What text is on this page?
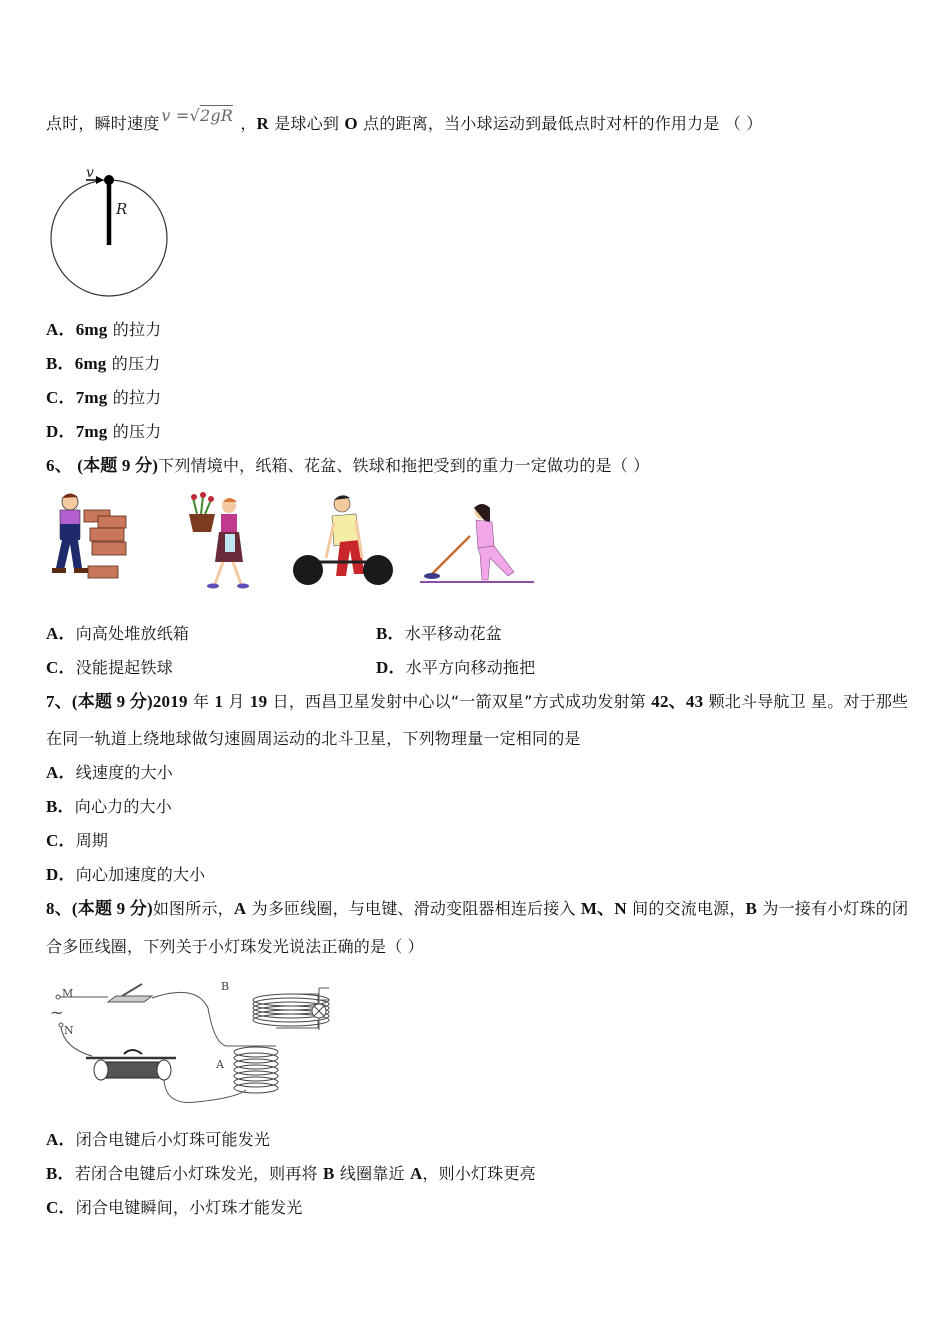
点时，瞬时速度 v =√2gR ，R 是球心到 O 点的距离，当小球运动到最低点时对杆的作用力是 （ ）
R
v
A．6mg 的拉力
B．6mg 的压力
C．7mg 的拉力
D．7mg 的压力
6、 (本题 9 分)下列情境中，纸箱、花盆、铁球和拖把受到的重力一定做功的是（ ）
A．向高处堆放纸箱	B．水平移动花盆
C．没能提起铁球	D．水平方向移动拖把
7、(本题 9 分)2019 年 1 月 19 日，西昌卫星发射中心以“一箭双星”方式成功发射第 42、43 颗北斗导航卫 星。对于那些
在同一轨道上绕地球做匀速圆周运动的北斗卫星，下列物理量一定相同的是
A．线速度的大小
B．向心力的大小
C．周期
D．向心加速度的大小
8、(本题 9 分)如图所示，A 为多匝线圈，与电键、滑动变阻器相连后接入 M、N 间的交流电源，B 为一接有小灯珠的闭
合多匝线圈，下列关于小灯珠发光说法正确的是（ ）
M
~
N
B
A
A．闭合电键后小灯珠可能发光
B．若闭合电键后小灯珠发光，则再将 B 线圈靠近 A，则小灯珠更亮
C．闭合电键瞬间，小灯珠才能发光
